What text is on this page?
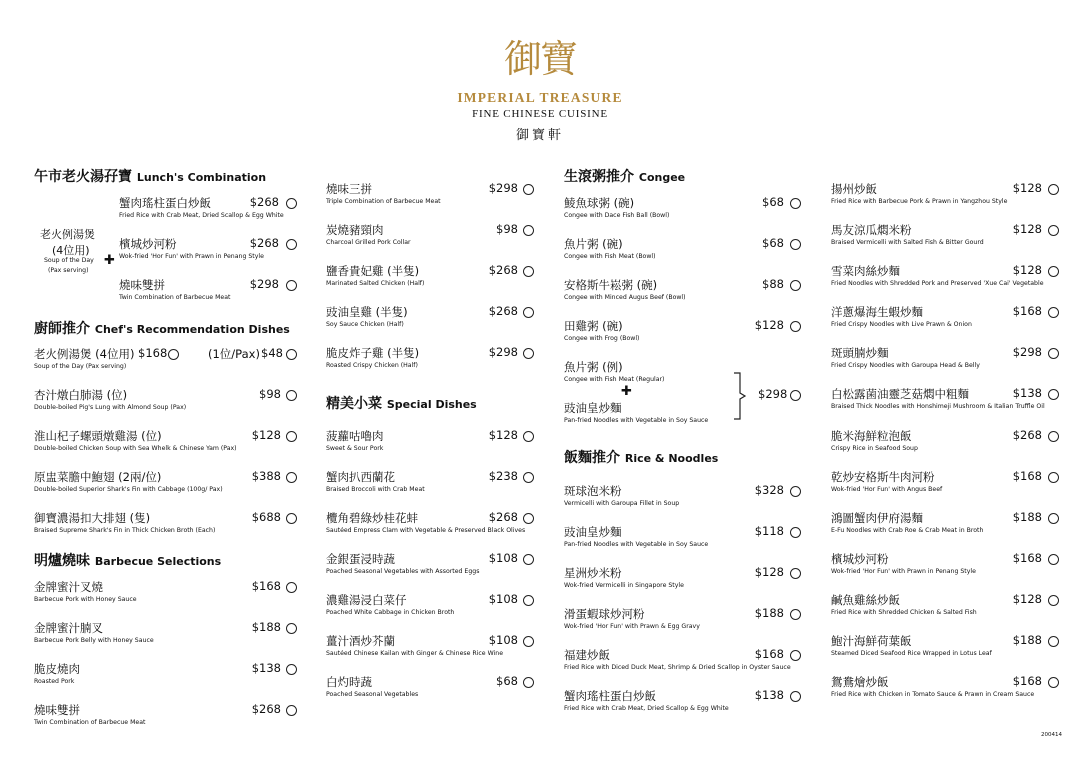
御寶
IMPERIAL TREASURE
FINE CHINESE CUISINE
御寶軒
午市老火湯孖寶 Lunch's Combination
老火例湯煲
(4位用)
Soup of the Day
(Pax serving)
✚
蟹肉瑤柱蛋白炒飯
Fried Rice with Crab Meat, Dried Scallop & Egg White
$268
檳城炒河粉
Wok-fried 'Hor Fun' with Prawn in Penang Style
$268
燒味雙拼
Twin Combination of Barbecue Meat
$298
廚師推介 Chef's Recommendation Dishes
老火例湯煲 (4位用) $168	(1位/Pax) $48
Soup of the Day (Pax serving)
杏汁燉白肺湯 (位)
Double-boiled Pig's Lung with Almond Soup (Pax)
$98
淮山杞子螺頭燉雞湯 (位)
Double-boiled Chicken Soup with Sea Whelk & Chinese Yam (Pax)
$128
原盅菜膽中鮑翅 (2兩/位)
Double-boiled Superior Shark's Fin with Cabbage (100g/ Pax)
$388
御寶濃湯扣大排翅 (隻)
Braised Supreme Shark's Fin in Thick Chicken Broth (Each)
$688
明爐燒味 Barbecue Selections
金牌蜜汁叉燒
Barbecue Pork with Honey Sauce
$168
金牌蜜汁腩叉
Barbecue Pork Belly with Honey Sauce
$188
脆皮燒肉
Roasted Pork
$138
燒味雙拼
Twin Combination of Barbecue Meat
$268
燒味三拼
Triple Combination of Barbecue Meat
$298
炭燒豬頸肉
Charcoal Grilled Pork Collar
$98
鹽香貴妃雞 (半隻)
Marinated Salted Chicken (Half)
$268
豉油皇雞 (半隻)
Soy Sauce Chicken (Half)
$268
脆皮炸子雞 (半隻)
Roasted Crispy Chicken (Half)
$298
精美小菜 Special Dishes
菠蘿咕嚕肉
Sweet & Sour Pork
$128
蟹肉扒西蘭花
Braised Broccoli with Crab Meat
$238
欖角碧綠炒桂花蚌
Sautéed Empress Clam with Vegetable & Preserved Black Olives
$268
金銀蛋浸時蔬
Poached Seasonal Vegetables with Assorted Eggs
$108
濃雞湯浸白菜仔
Poached White Cabbage in Chicken Broth
$108
薑汁酒炒芥蘭
Sautéed Chinese Kailan with Ginger & Chinese Rice Wine
$108
白灼時蔬
Poached Seasonal Vegetables
$68
生滾粥推介 Congee
鯪魚球粥 (碗)
Congee with Dace Fish Ball (Bowl)
$68
魚片粥 (碗)
Congee with Fish Meat (Bowl)
$68
安格斯牛崧粥 (碗)
Congee with Minced Augus Beef (Bowl)
$88
田雞粥 (碗)
Congee with Frog (Bowl)
$128
魚片粥 (例)
Congee with Fish Meat (Regular)
✚
豉油皇炒麵
Pan-fried Noodles with Vegetable in Soy Sauce
$298
飯麵推介 Rice & Noodles
斑球泡米粉
Vermicelli with Garoupa Fillet in Soup
$328
豉油皇炒麵
Pan-fried Noodles with Vegetable in Soy Sauce
$118
星洲炒米粉
Wok-fried Vermicelli in Singapore Style
$128
滑蛋蝦球炒河粉
Wok-fried 'Hor Fun' with Prawn & Egg Gravy
$188
福建炒飯
Fried Rice with Diced Duck Meat, Shrimp & Dried Scallop in Oyster Sauce
$168
蟹肉瑤柱蛋白炒飯
Fried Rice with Crab Meat, Dried Scallop & Egg White
$138
揚州炒飯
Fried Rice with Barbecue Pork & Prawn in Yangzhou Style
$128
馬友涼瓜燜米粉
Braised Vermicelli with Salted Fish & Bitter Gourd
$128
雪菜肉絲炒麵
Fried Noodles with Shredded Pork and Preserved 'Xue Cai' Vegetable
$128
洋蔥爆海生蝦炒麵
Fried Crispy Noodles with Live Prawn & Onion
$168
斑頭腩炒麵
Fried Crispy Noodles with Garoupa Head & Belly
$298
白松露菌油靈芝菇燜中粗麵
Braised Thick Noodles with Honshimeji Mushroom & Italian Truffle Oil
$138
脆米海鮮粒泡飯
Crispy Rice in Seafood Soup
$268
乾炒安格斯牛肉河粉
Wok-fried 'Hor Fun' with Angus Beef
$168
鴻圖蟹肉伊府湯麵
E-Fu Noodles with Crab Roe & Crab Meat in Broth
$188
檳城炒河粉
Wok-fried 'Hor Fun' with Prawn in Penang Style
$168
鹹魚雞絲炒飯
Fried Rice with Shredded Chicken & Salted Fish
$128
鮑汁海鮮荷葉飯
Steamed Diced Seafood Rice Wrapped in Lotus Leaf
$188
鴛鴦燴炒飯
Fried Rice with Chicken in Tomato Sauce & Prawn in Cream Sauce
$168
200414
